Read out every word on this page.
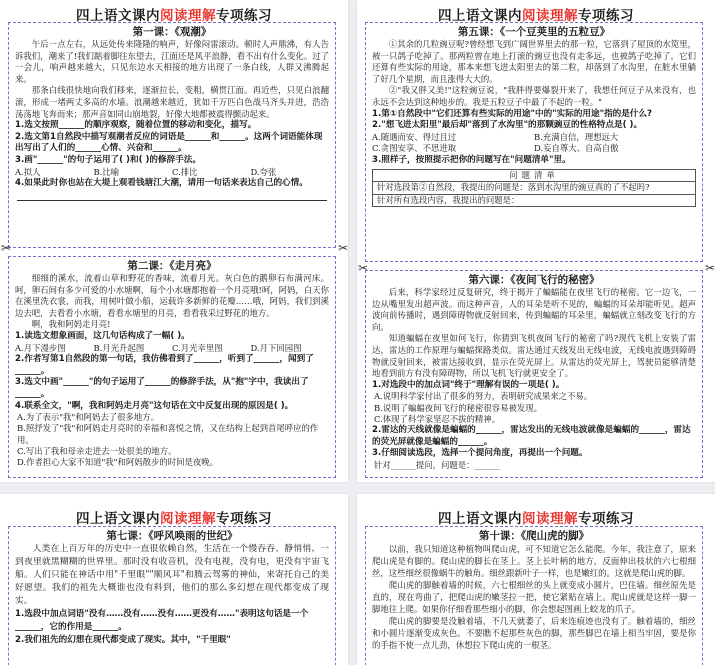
四上语文课内阅读理解专项练习
第一课：《观潮》

午后一点左右，从远处传来隆隆的响声，好像闷雷滚动。顿时人声鼎沸，有人告诉我们，潮来了!我们踮着脚往东望去，江面还是风平浪静，看不出有什么变化。过了一会儿，响声越来越大，只见东边水天相接的地方出现了一条白线，人群又沸腾起来。

那条白线很快地向我们移来，逐渐拉长，变粗，横贯江面。再近些，只见白浪翻滚，形成一堵两丈多高的水墙。浪潮越来越近，犹如千万匹白色战马齐头并进，浩浩荡荡地飞奔而来；那声音如同山崩地裂，好像大地都被震得颤动起来。

1.选文按照______的顺序观察，随着位置的移动和变化，描写。
2.选文第1自然段中描写观潮者反应的词语是______和______。这两个词语能体现出写出了人们的______心情、兴奋和______。
3.画"______"的句子运用了( )和( )的修辞手法。
A.拟人	B.比喻	C.排比	D.夸张
4.如果此时你也站在大堤上观看钱塘江大潮，请用一句话来表达自己的心情。
✂	✂
第二课：《走月亮》

细细的溪水，流着山草和野花的香味，流着月光。灰白色的鹅卵石布满河床。呵，卵石间有多少可爱的小水塘啊，每个小水塘都抱着一个月亮哦!呵，阿妈，白天你在溪里洗衣裳，而我，用树叶做小船，运载许多新鲜的花瓣……哦，阿妈，我们到溪边去吧，去看看小水塘，看看水塘里的月亮，看看我采过野花的地方。

啊，我和阿妈走月亮!

1.读选文想象画面，这几句话构成了一幅( )。
A.月下漫步图	B.月光升起图	C.月光幸里图	D.月下回园图
2.作者写第1自然段的第一句话，我仿佛看到了______，听到了______，闻到了______。
3.选文中画"______"的句子运用了______的修辞手法，从"抱"字中，我读出了______。
4.联系全文，"啊，我和阿妈走月亮"这句话在文中反复出现的原因是( )。
A.为了表示"我"和阿妈去了很多地方。
B.照抒发了"我"和阿妈走月亮时的幸福和喜悦之情，又在结构上起到首尾呼应的作用。
C.写出了我和母亲走进去一处很美的地方。
D.作者担心大家不知道"我"和阿妈散步的时间是夜晚。
四上语文课内阅读理解专项练习
第五课：《一个豆荚里的五粒豆》

①其余的几粒豌豆呢?曾经想飞到广阔世界里去的那一粒，它落到了屋顶的水笕里，被一只鸽子吃掉了。那两粒曾在地上打滚的豌豆也没有走多远，也被鸽子吃掉了。它们还算有些实际的用途，那本来想飞进太阳里去的第二粒，却落到了水沟里，在脏水里躺了好几个星期，而且涨得大大的。

②"我又胖又美!"这粒豌豆说，"我胖得要爆裂开来了，我想任何豆子从来没有，也永远不会达到这种地步的。我是五粒豆子中最了不起的一粒。"

1.第①自然段中"它们还算有些实际的用途"中的"实际的用途"指的是什么?
2."想飞进太阳里"最后却"落到了水沟里"的那颗豌豆的性格特点是( )。
A.随遇而安、得过且过	B.充满自信，理想远大
C.贪图安享、不思进取	D.妄自尊大、自高自傲
3.照样子，按照提示把你的问题写在"问题清单"里。
问题清单
针对选段第②自然段，我提出的问题是：落到水沟里的豌豆真的了不起吗?
针对所有选段内容，我提出的问题是：
✂	✂
第六课：《夜间飞行的秘密》

后来，科学家经过反复研究，终于揭开了蝙蝠能在夜里飞行的秘密。它一边飞，一边从嘴里发出超声波。而这种声音，人的耳朵是听不见的，蝙蝠的耳朵却能听见。超声波向前传播时，遇到障碍物就反射回来，传到蝙蝠的耳朵里，蝙蝠就立刻改变飞行的方向。

知道蝙蝠在夜里如何飞行，你猜到飞机夜间飞行的秘密了吗?现代飞机上安装了雷达，雷达的工作原理与蝙蝠探路类似。雷达通过天线发出无线电波，无线电波遇到障碍物就反射回来，被雷达接收到，显示在荧光屏上。从雷达的荧光屏上，驾驶员能够清楚地看到前方有没有障碍物，所以飞机飞行就更安全了。

1.对选段中的加点词"终于"理解有误的一项是( )。
A.说明科学家付出了很多的努力，表明研究成果来之不易。
B.说明了蝙蝠夜间飞行的秘密很容易被发现。
C.体现了科学家坚忍不拔的精神。
2.雷达的天线就像是蝙蝠的______，雷达发出的无线电波就像是蝙蝠的______，雷达的荧光屏就像是蝙蝠的______。
3.仔细阅读选段，选择一个提问角度，再提出一个问题。
针对______提问，问题是：______
四上语文课内阅读理解专项练习
第七课：《呼风唤雨的世纪》

人类在上百万年的历史中一直很依赖自然，生活在一个慢吞吞、静悄悄、一到夜里就黑糊糊的世界里。那时没有收音机，没有电视，没有电，更没有宇宙飞船。人们只能在神话中用"千里眼""顺风耳"和腾云驾雾的神仙，来寄托自己的美好愿望。我们的祖先大概谁也没有料到，他们的那么多幻想在现代都变成了现实。

1.选段中加点词语"没有……没有……没有……更没有……"表明这句话是一个______，它的作用是______。
2.我们祖先的幻想在现代都变成了现实。其中，"千里眼"
四上语文课内阅读理解专项练习
第十课：《爬山虎的脚》

以前，我只知道这种植物叫爬山虎，可不知道它怎么能爬。今年，我注意了，原来爬山虎是有脚的。爬山虎的脚长在茎上。茎上长叶柄的地方，反面伸出枝状的六七根细丝，这些细丝很像蜗牛的触角。细丝跟新叶子一样，也是嫩红的。这就是爬山虎的脚。

爬山虎的脚触着墙的时候，六七根细丝的头上就变成小圆片，巴住墙。细丝原先是直的，现在弯曲了，把爬山虎的嫩茎拉一把，使它紧贴在墙上。爬山虎就是这样一脚一脚地往上爬。如果你仔细看那些细小的脚，你会想起图画上蛟龙的爪子。

爬山虎的脚要是没触着墙，不几天就萎了，后来连痕迹也没有了。触着墙的，细丝和小圆片逐渐变成灰色。不要瞧不起那些灰色的脚，那些脚巴在墙上相当牢固，要是你的手指不使一点儿劲，休想拉下爬山虎的一根茎。
